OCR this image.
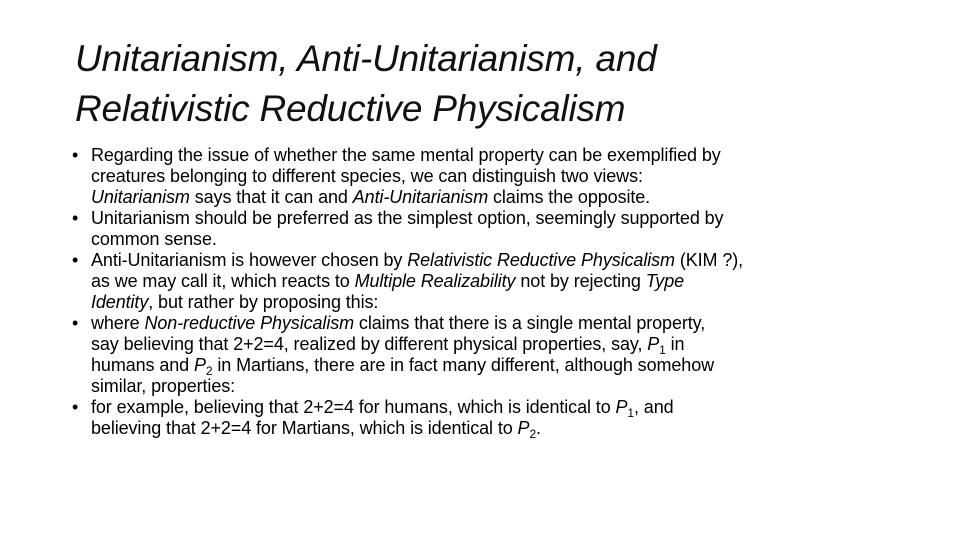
Unitarianism, Anti-Unitarianism, and
Relativistic Reductive Physicalism
• Regarding the issue of whether the same mental property can be exemplified by
creatures belonging to different species, we can distinguish two views:
Unitarianism says that it can and Anti-Unitarianism claims the opposite.
• Unitarianism should be preferred as the simplest option, seemingly supported by
common sense.
• Anti-Unitarianism is however chosen by Relativistic Reductive Physicalism (KIM ?),
as we may call it, which reacts to Multiple Realizability not by rejecting Type
Identity, but rather by proposing this:
• where Non-reductive Physicalism claims that there is a single mental property,
say believing that 2+2=4, realized by different physical properties, say, $P_1$ in
humans and $P_2$ in Martians, there are in fact many different, although somehow
similar, properties:
• for example, believing that 2+2=4 for humans, which is identical to $P_1$, and
believing that 2+2=4 for Martians, which is identical to $P_2$.
